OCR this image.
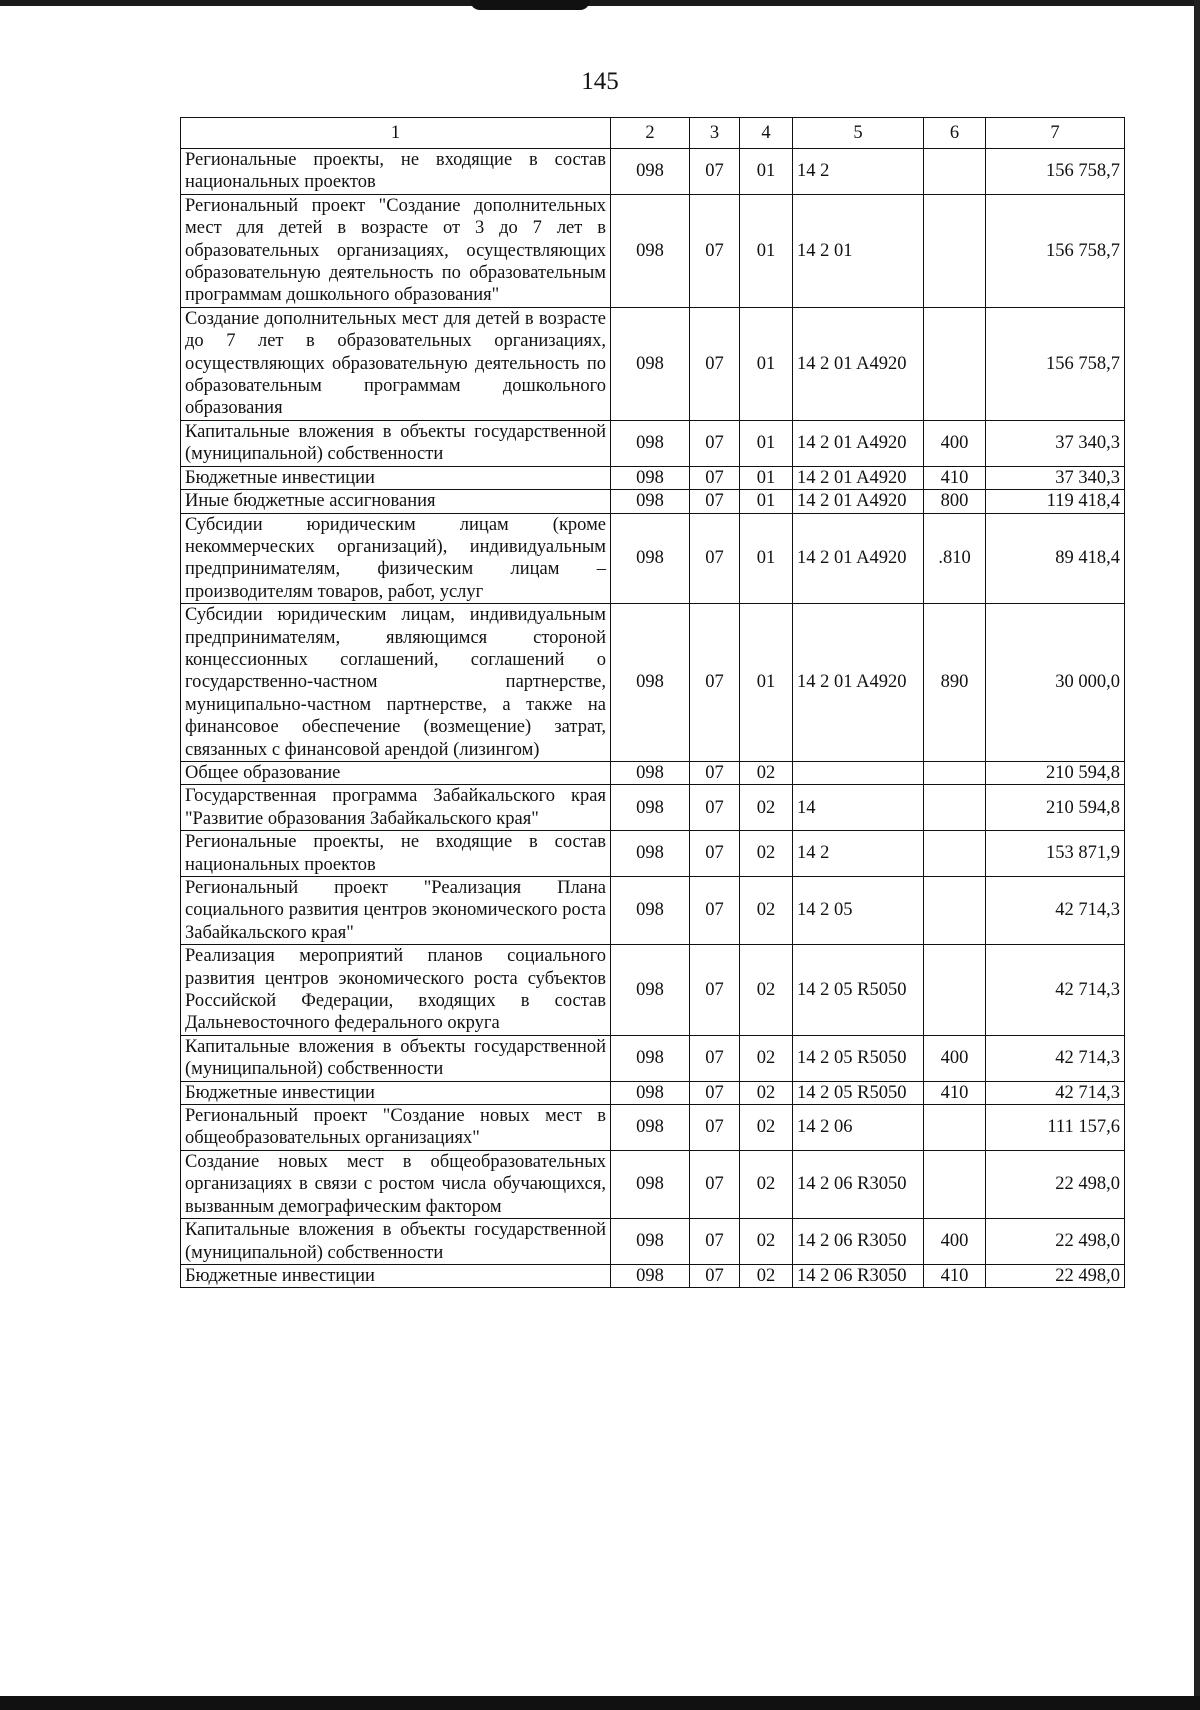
145
1	2	3	4	5	6	7
Региональные проекты, не входящие в состав национальных проектов	098	07	01	14 2		156 758,7
Региональный проект "Создание дополнительных мест для детей в возрасте от 3 до 7 лет в образовательных организациях, осуществляющих образовательную деятельность по образовательным программам дошкольного образования"	098	07	01	14 2 01		156 758,7
Создание дополнительных мест для детей в возрасте до 7 лет в образовательных организациях, осуществляющих образовательную деятельность по образовательным программам дошкольного образования	098	07	01	14 2 01 A4920		156 758,7
Капитальные вложения в объекты государственной (муниципальной) собственности	098	07	01	14 2 01 A4920	400	37 340,3
Бюджетные инвестиции	098	07	01	14 2 01 A4920	410	37 340,3
Иные бюджетные ассигнования	098	07	01	14 2 01 A4920	800	119 418,4
Субсидии юридическим лицам (кроме некоммерческих организаций), индивидуальным предпринимателям, физическим лицам – производителям товаров, работ, услуг	098	07	01	14 2 01 A4920	.810	89 418,4
Субсидии юридическим лицам, индивидуальным предпринимателям, являющимся стороной концессионных соглашений, соглашений о государственно-частном партнерстве, муниципально-частном партнерстве, а также на финансовое обеспечение (возмещение) затрат, связанных с финансовой арендой (лизингом)	098	07	01	14 2 01 A4920	890	30 000,0
Общее образование	098	07	02			210 594,8
Государственная программа Забайкальского края "Развитие образования Забайкальского края"	098	07	02	14		210 594,8
Региональные проекты, не входящие в состав национальных проектов	098	07	02	14 2		153 871,9
Региональный проект "Реализация Плана социального развития центров экономического роста Забайкальского края"	098	07	02	14 2 05		42 714,3
Реализация мероприятий планов социального развития центров экономического роста субъектов Российской Федерации, входящих в состав Дальневосточного федерального округа	098	07	02	14 2 05 R5050		42 714,3
Капитальные вложения в объекты государственной (муниципальной) собственности	098	07	02	14 2 05 R5050	400	42 714,3
Бюджетные инвестиции	098	07	02	14 2 05 R5050	410	42 714,3
Региональный проект "Создание новых мест в общеобразовательных организациях"	098	07	02	14 2 06		111 157,6
Создание новых мест в общеобразовательных организациях в связи с ростом числа обучающихся, вызванным демографическим фактором	098	07	02	14 2 06 R3050		22 498,0
Капитальные вложения в объекты государственной (муниципальной) собственности	098	07	02	14 2 06 R3050	400	22 498,0
Бюджетные инвестиции	098	07	02	14 2 06 R3050	410	22 498,0
